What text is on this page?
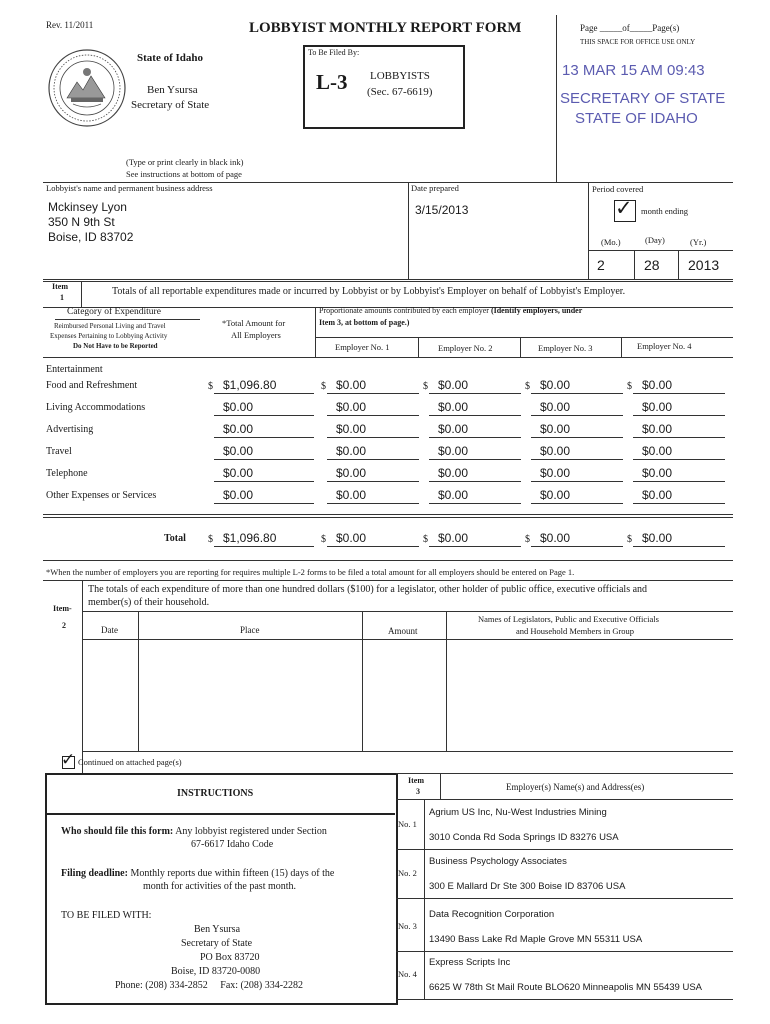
Rev. 11/2011	LOBBYIST MONTHLY REPORT FORM	Page _____of_____Page(s)
THIS SPACE FOR OFFICE USE ONLY
State of Idaho
Ben Ysursa
Secretary of State
To Be Filed By:
L-3 LOBBYISTS
(Sec. 67-6619)
13 MAR 15 AM 09:43
SECRETARY OF STATE
STATE OF IDAHO
(Type or print clearly in black ink)
See instructions at bottom of page
Lobbyist's name and permanent business address
Mckinsey Lyon
350 N 9th St
Boise, ID 83702
Date prepared
3/15/2013
Period covered
✓ month ending
(Mo.)	(Day)	(Yr.)
2	28 2013
Item
1
Totals of all reportable expenditures made or incurred by Lobbyist or by Lobbyist's Employer on behalf of Lobbyist's Employer.
Category of Expenditure
Reimbursed Personal Living and Travel
Expenses Pertaining to Lobbying Activity
Do Not Have to be Reported
*Total Amount for
All Employers
Proportionate amounts contributed by each employer (Identify employers, under
Item 3, at bottom of page.)
Employer No. 1	Employer No. 2	Employer No. 3	Employer No. 4
Entertainment
Food and Refreshment	$ $1,096.80	$ $0.00	$ $0.00	$ $0.00	$ $0.00
Living Accommodations	$0.00	$0.00	$0.00	$0.00	$0.00
Advertising	$0.00	$0.00	$0.00	$0.00	$0.00
Travel	$0.00	$0.00	$0.00	$0.00	$0.00
Telephone	$0.00	$0.00	$0.00	$0.00	$0.00
Other Expenses or Services	$0.00	$0.00	$0.00	$0.00	$0.00
Total $ $1,096.80	$ $0.00	$ $0.00	$ $0.00	$ $0.00
*When the number of employers you are reporting for requires multiple L-2 forms to be filed a total amount for all employers should be entered on Page 1.
Item-
2
The totals of each expenditure of more than one hundred dollars ($100) for a legislator, other holder of public office, executive officials and
member(s) of their household.
Date	Place	Amount
Names of Legislators, Public and Executive Officials
and Household Members in Group
✓ Continued on attached page(s)
INSTRUCTIONS
Who should file this form: Any lobbyist registered under Section
67-6617 Idaho Code
Filing deadline: Monthly reports due within fifteen (15) days of the
month for activities of the past month.
TO BE FILED WITH:
Ben Ysursa
Secretary of State
PO Box 83720
Boise, ID 83720-0080
Phone: (208) 334-2852     Fax: (208) 334-2282
Item
3	Employer(s) Name(s) and Address(es)
No. 1
Agrium US Inc, Nu-West Industries Mining
3010 Conda Rd Soda Springs ID 83276 USA
No. 2
Business Psychology Associates
300 E Mallard Dr Ste 300 Boise ID 83706 USA
No. 3
Data Recognition Corporation
13490 Bass Lake Rd Maple Grove MN 55311 USA
No. 4
Express Scripts Inc
6625 W 78th St Mail Route BLO620 Minneapolis MN 55439 USA
